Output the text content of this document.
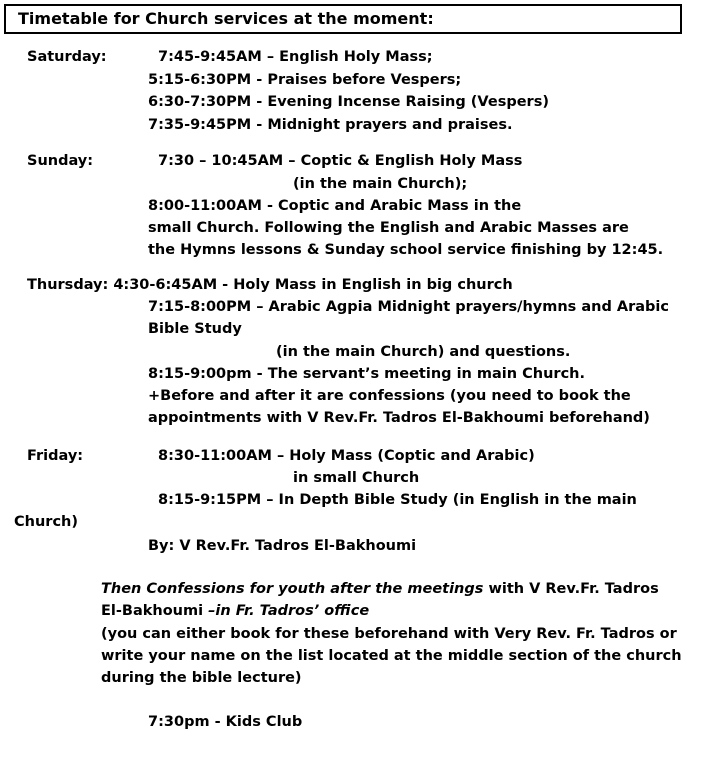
Timetable for Church services at the moment:
Saturday:	7:45-9:45AM – English Holy Mass;
5:15-6:30PM - Praises before Vespers;
6:30-7:30PM - Evening Incense Raising (Vespers)
7:35-9:45PM - Midnight prayers and praises.
Sunday:	7:30 – 10:45AM – Coptic & English Holy Mass
(in the main Church);
8:00-11:00AM - Coptic and Arabic Mass in the
small Church. Following the English and Arabic Masses are
the Hymns lessons & Sunday school service finishing by 12:45.
Thursday: 4:30-6:45AM - Holy Mass in English in big church
7:15-8:00PM – Arabic Agpia Midnight prayers/hymns and Arabic
Bible Study
(in the main Church) and questions.
8:15-9:00pm - The servant’s meeting in main Church.
+Before and after it are confessions (you need to book the
appointments with V Rev.Fr. Tadros El-Bakhoumi beforehand)
Friday:	8:30-11:00AM – Holy Mass (Coptic and Arabic)
in small Church
8:15-9:15PM – In Depth Bible Study (in English in the main
Church)
By: V Rev.Fr. Tadros El-Bakhoumi
Then Confessions for youth after the meetings with V Rev.Fr. Tadros
El-Bakhoumi –in Fr. Tadros’ office
(you can either book for these beforehand with Very Rev. Fr. Tadros or
write your name on the list located at the middle section of the church
during the bible lecture)
7:30pm - Kids Club
